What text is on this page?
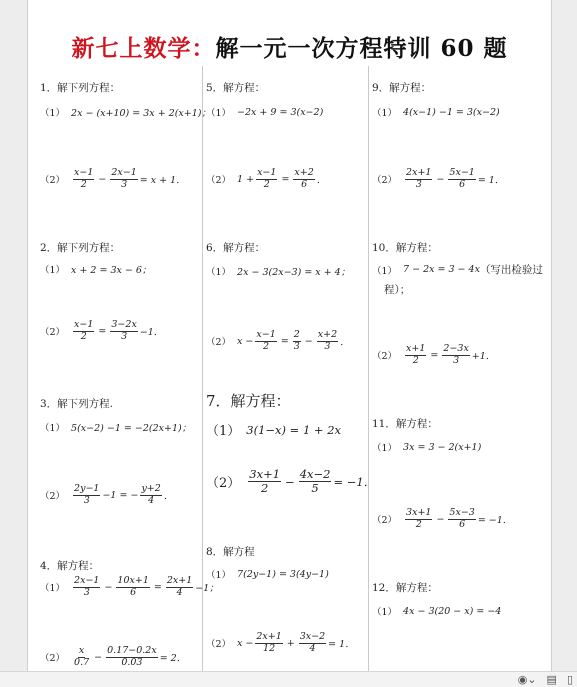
新七上数学：解一元一次方程特训 60 题
1．解下列方程：
（1） 2x − (x+10) = 3x + 2(x+1)；
$(2) \frac{x-1}{2} - \frac{2x-1}{3} = x + 1$．
2．解下列方程：
（1） x + 2 = 3x − 6；
$(2) \frac{x-1}{2} = \frac{3-2x}{3} -1$．
3．解下列方程.
（1） 5(x−2) −1 = −2(2x+1)；
$(2) \frac{2y-1}{3} -1$ = − $\frac{y+2}{4}$ ．
4．解方程：
$(1) \frac{2x-1}{3} - \frac{10x+1}{6} = \frac{2x+1}{4} -1$；
$(2) \frac{x}{0.7} - \frac{0.17-0.2x}{0.03} = 2$．
5．解方程：
（1） −2x + 9 = 3(x−2)
（2） $1 + \frac{x-1}{2} = \frac{x+2}{6}$ ．
6．解方程：
（1） 2x − 3(2x−3) = x + 4；
（2） $x - \frac{x-1}{2} = \frac{2}{3} - \frac{x+2}{3}$ ．
7．解方程：
（1） 3(1−x) = 1 + 2x
$(2) \frac{3x+1}{2} - \frac{4x-2}{5} = -1$．
8．解方程
（1） 7(2y−1) = 3(4y−1)
（2） $x - \frac{2x+1}{12} + \frac{3x-2}{4} = 1$．
9．解方程：
（1） 4(x−1) −1 = 3(x−2)
$(2) \frac{2x+1}{3} - \frac{5x-1}{6} = 1$．
10．解方程：
（1） 7 − 2x = 3 − 4x （写出检验过
程）；
$(2) \frac{x+1}{2} = \frac{2-3x}{3} +1$．
11．解方程：
（1） 3x = 3 − 2(x+1)
$(2) \frac{3x+1}{2} - \frac{5x-3}{6} = -1$．
12．解方程：
（1） 4x − 3(20 − x) = −4
◉⌄ ▤ ▯
